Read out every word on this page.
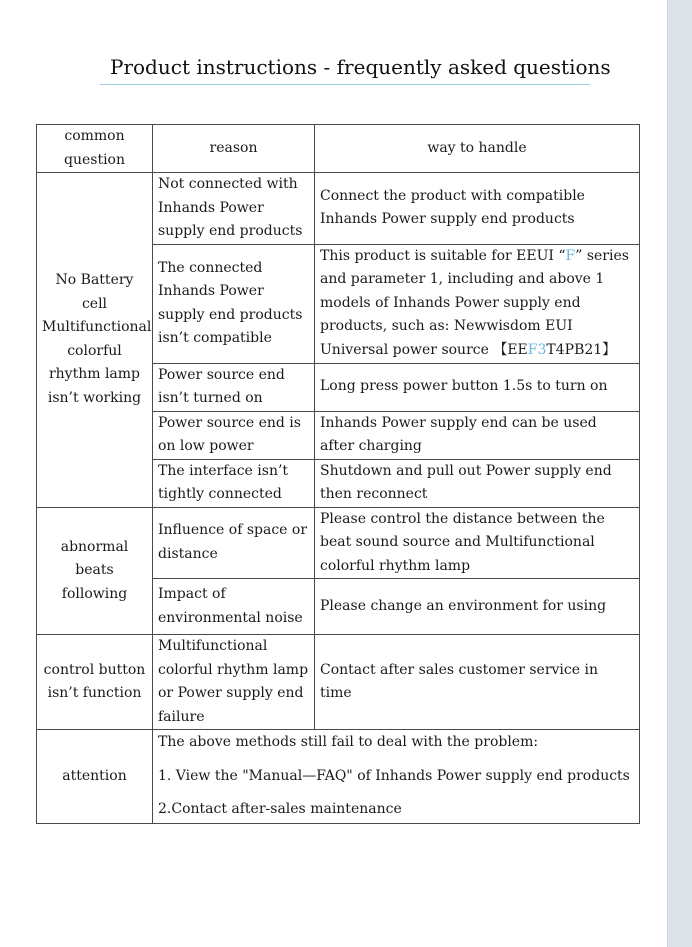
Product instructions - frequently asked questions
common question	reason	way to handle
No Battery cell Multifunctional colorful rhythm lamp isn’t working	Not connected with Inhands Power supply end products	Connect the product with compatible Inhands Power supply end products
	The connected Inhands Power supply end products isn’t compatible	This product is suitable for EEUI “F” series and parameter 1, including and above 1 models of Inhands Power supply end products, such as: Newwisdom EUI Universal power source 【EEF3T4PB21】
	Power source end isn’t turned on	Long press power button 1.5s to turn on
	Power source end is on low power	Inhands Power supply end can be used after charging
	The interface isn’t tightly connected	Shutdown and pull out Power supply end then reconnect
abnormal beats following	Influence of space or distance	Please control the distance between the beat sound source and Multifunctional colorful rhythm lamp
	Impact of environmental noise	Please change an environment for using
control button isn’t function	Multifunctional colorful rhythm lamp or Power supply end failure	Contact after sales customer service in time
attention	The above methods still fail to deal with the problem:
1. View the "Manual—FAQ" of Inhands Power supply end products
2.Contact after-sales maintenance	
